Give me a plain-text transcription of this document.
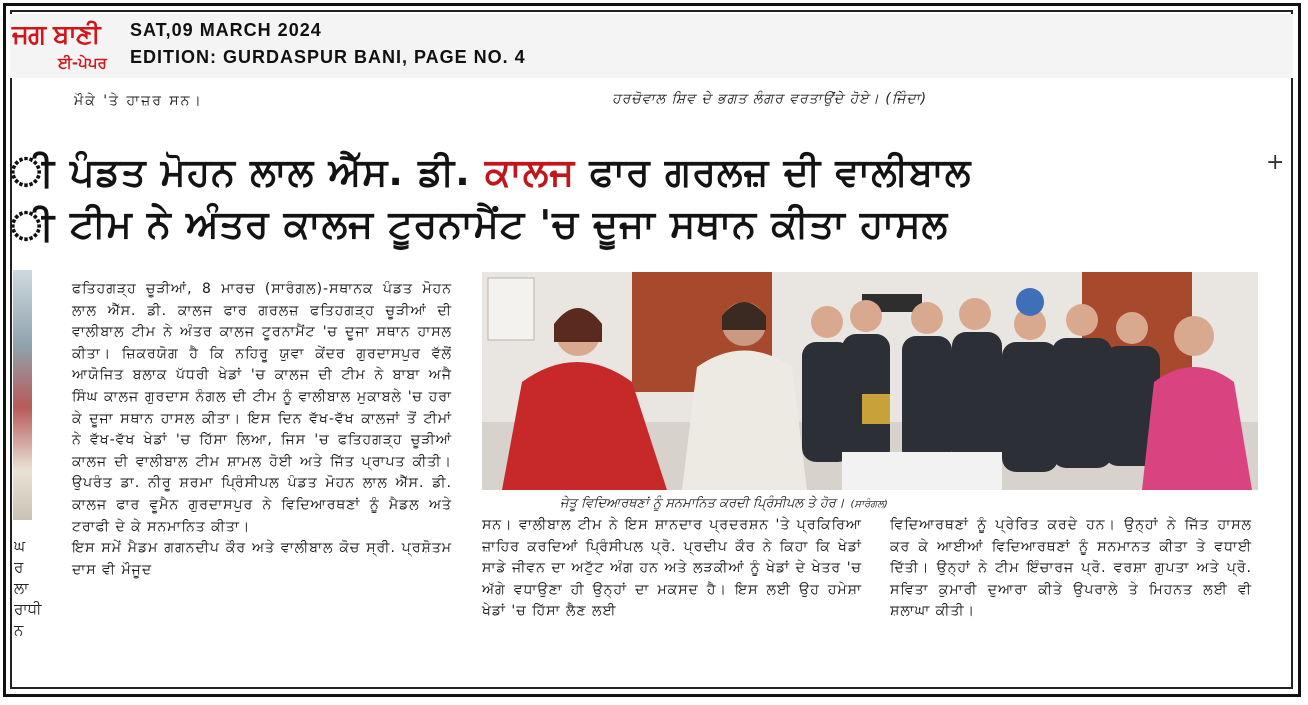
ਜਗ ਬਾਣੀ
ਈ-ਪੇਪਰ
SAT,09 MARCH 2024
EDITION: GURDASPUR BANI, PAGE NO. 4
ਮੌਕੇ 'ਤੇ ਹਾਜ਼ਰ ਸਨ।	ਹਰਚੋਵਾਲ ਸ਼ਿਵ ਦੇ ਭਗਤ ਲੰਗਰ ਵਰਤਾਉਂਦੇ ਹੋਏ। (ਜਿੰਦਾ)
ੀ
ੀ
+
ਘ ਰ ਲਾ ਰਾਧੀ ਨ
ਪੰਡਤ ਮੋਹਨ ਲਾਲ ਐੱਸ. ਡੀ. ਕਾਲਜ ਫਾਰ ਗਰਲਜ਼ ਦੀ ਵਾਲੀਬਾਲ
ਟੀਮ ਨੇ ਅੰਤਰ ਕਾਲਜ ਟੂਰਨਾਮੈਂਟ 'ਚ ਦੂਜਾ ਸਥਾਨ ਕੀਤਾ ਹਾਸਲ

ਫਤਿਹਗੜ੍ਹ ਚੂੜੀਆਂ, 8 ਮਾਰਚ (ਸਾਰੰਗਲ)-ਸਥਾਨਕ ਪੰਡਤ ਮੋਹਨ ਲਾਲ ਐੱਸ. ਡੀ. ਕਾਲਜ ਫਾਰ ਗਰਲਜ਼ ਫਤਿਹਗੜ੍ਹ ਚੂੜੀਆਂ ਦੀ ਵਾਲੀਬਾਲ ਟੀਮ ਨੇ ਅੰਤਰ ਕਾਲਜ ਟੂਰਨਾਮੈਂਟ 'ਚ ਦੂਜਾ ਸਥਾਨ ਹਾਸਲ ਕੀਤਾ। ਜ਼ਿਕਰਯੋਗ ਹੈ ਕਿ ਨਹਿਰੂ ਯੁਵਾ ਕੇਂਦਰ ਗੁਰਦਾਸਪੁਰ ਵੱਲੋਂ ਆਯੋਜਿਤ ਬਲਾਕ ਪੱਧਰੀ ਖੇਡਾਂ 'ਚ ਕਾਲਜ ਦੀ ਟੀਮ ਨੇ ਬਾਬਾ ਅਜੈ ਸਿੰਘ ਕਾਲਜ ਗੁਰਦਾਸ ਨੰਗਲ ਦੀ ਟੀਮ ਨੂੰ ਵਾਲੀਬਾਲ ਮੁਕਾਬਲੇ 'ਚ ਹਰਾ ਕੇ ਦੂਜਾ ਸਥਾਨ ਹਾਸਲ ਕੀਤਾ। ਇਸ ਦਿਨ ਵੱਖ-ਵੱਖ ਕਾਲਜਾਂ ਤੋਂ ਟੀਮਾਂ ਨੇ ਵੱਖ-ਵੱਖ ਖੇਡਾਂ 'ਚ ਹਿੱਸਾ ਲਿਆ, ਜਿਸ 'ਚ ਫਤਿਹਗੜ੍ਹ ਚੂੜੀਆਂ ਕਾਲਜ ਦੀ ਵਾਲੀਬਾਲ ਟੀਮ ਸ਼ਾਮਲ ਹੋਈ ਅਤੇ ਜਿੱਤ ਪ੍ਰਾਪਤ ਕੀਤੀ। ਉਪਰੰਤ ਡਾ. ਨੀਰੂ ਸ਼ਰਮਾ ਪ੍ਰਿੰਸੀਪਲ ਪੰਡਤ ਮੋਹਨ ਲਾਲ ਐੱਸ. ਡੀ. ਕਾਲਜ ਫਾਰ ਵੂਮੈਨ ਗੁਰਦਾਸਪੁਰ ਨੇ ਵਿਦਿਆਰਥਣਾਂ ਨੂੰ ਮੈਡਲ ਅਤੇ ਟਰਾਫੀ ਦੇ ਕੇ ਸਨਮਾਨਿਤ ਕੀਤਾ।

ਇਸ ਸਮੇਂ ਮੈਡਮ ਗਗਨਦੀਪ ਕੌਰ ਅਤੇ ਵਾਲੀਬਾਲ ਕੋਚ ਸ੍ਰੀ. ਪ੍ਰਸ਼ੋਤਮ ਦਾਸ ਵੀ ਮੌਜੂਦ

ਜੇਤੂ ਵਿਦਿਆਰਥਣਾਂ ਨੂੰ ਸਨਮਾਨਿਤ ਕਰਦੀ ਪ੍ਰਿੰਸੀਪਲ ਤੇ ਹੋਰ। (ਸਾਰੰਗਲ)

ਸਨ। ਵਾਲੀਬਾਲ ਟੀਮ ਨੇ ਇਸ ਸ਼ਾਨਦਾਰ ਪ੍ਰਦਰਸ਼ਨ 'ਤੇ ਪ੍ਰਕਿਰਿਆ ਜ਼ਾਹਿਰ ਕਰਦਿਆਂ ਪ੍ਰਿੰਸੀਪਲ ਪ੍ਰੋ. ਪ੍ਰਦੀਪ ਕੌਰ ਨੇ ਕਿਹਾ ਕਿ ਖੇਡਾਂ ਸਾਡੇ ਜੀਵਨ ਦਾ ਅਟੁੱਟ ਅੰਗ ਹਨ ਅਤੇ ਲੜਕੀਆਂ ਨੂੰ ਖੇਡਾਂ ਦੇ ਖੇਤਰ 'ਚ ਅੱਗੇ ਵਧਾਉਣਾ ਹੀ ਉਨ੍ਹਾਂ ਦਾ ਮਕਸਦ ਹੈ। ਇਸ ਲਈ ਉਹ ਹਮੇਸ਼ਾ ਖੇਡਾਂ 'ਚ ਹਿੱਸਾ ਲੈਣ ਲਈ

ਵਿਦਿਆਰਥਣਾਂ ਨੂੰ ਪ੍ਰੇਰਿਤ ਕਰਦੇ ਹਨ। ਉਨ੍ਹਾਂ ਨੇ ਜਿੱਤ ਹਾਸਲ ਕਰ ਕੇ ਆਈਆਂ ਵਿਦਿਆਰਥਣਾਂ ਨੂੰ ਸਨਮਾਨਤ ਕੀਤਾ ਤੇ ਵਧਾਈ ਦਿੱਤੀ। ਉਨ੍ਹਾਂ ਨੇ ਟੀਮ ਇੰਚਾਰਜ ਪ੍ਰੋ. ਵਰਸ਼ਾ ਗੁਪਤਾ ਅਤੇ ਪ੍ਰੋ. ਸਵਿਤਾ ਕੁਮਾਰੀ ਦੁਆਰਾ ਕੀਤੇ ਉਪਰਾਲੇ ਤੇ ਮਿਹਨਤ ਲਈ ਵੀ ਸ਼ਲਾਘਾ ਕੀਤੀ।
